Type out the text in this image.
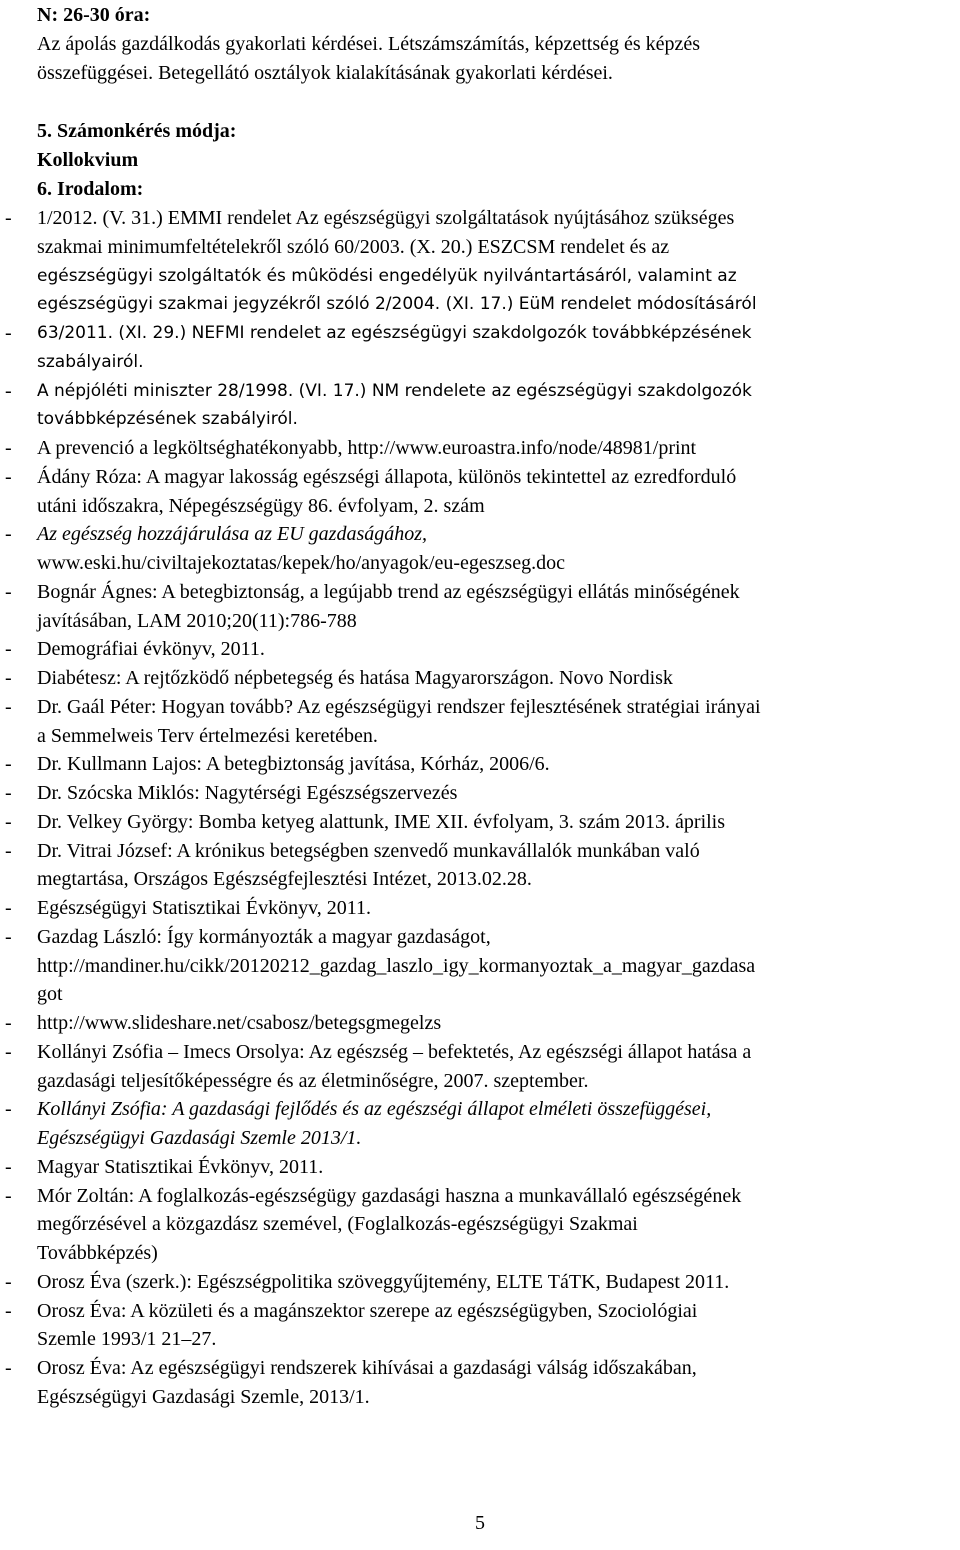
N: 26-30 óra:
Az ápolás gazdálkodás gyakorlati kérdései. Létszámszámítás, képzettség és képzés
összefüggései. Betegellátó osztályok kialakításának gyakorlati kérdései.
5. Számonkérés módja:
Kollokvium
6. Irodalom:
- 1/2012. (V. 31.) EMMI rendelet Az egészségügyi szolgáltatások nyújtásához szükséges
szakmai minimumfeltételekről szóló 60/2003. (X. 20.) ESZCSM rendelet és az
egészségügyi szolgáltatók és mûködési engedélyük nyilvántartásáról, valamint az
egészségügyi szakmai jegyzékről szóló 2/2004. (XI. 17.) EüM rendelet módosításáról
- 63/2011. (XI. 29.) NEFMI rendelet az egészségügyi szakdolgozók továbbképzésének
szabályairól.
- A népjóléti miniszter 28/1998. (VI. 17.) NM rendelete az egészségügyi szakdolgozók
továbbképzésének szabályiról.
- A prevenció a legköltséghatékonyabb, http://www.euroastra.info/node/48981/print
- Ádány Róza: A magyar lakosság egészségi állapota, különös tekintettel az ezredforduló
utáni időszakra, Népegészségügy 86. évfolyam, 2. szám
- Az egészség hozzájárulása az EU gazdaságához,
www.eski.hu/civiltajekoztatas/kepek/ho/anyagok/eu-egeszseg.doc
- Bognár Ágnes: A betegbiztonság, a legújabb trend az egészségügyi ellátás minőségének
javításában, LAM 2010;20(11):786-788
- Demográfiai évkönyv, 2011.
- Diabétesz: A rejtőzködő népbetegség és hatása Magyarországon. Novo Nordisk
- Dr. Gaál Péter: Hogyan tovább? Az egészségügyi rendszer fejlesztésének stratégiai irányai
a Semmelweis Terv értelmezési keretében.
- Dr. Kullmann Lajos: A betegbiztonság javítása, Kórház, 2006/6.
- Dr. Szócska Miklós: Nagytérségi Egészségszervezés
- Dr. Velkey György: Bomba ketyeg alattunk, IME XII. évfolyam, 3. szám 2013. április
- Dr. Vitrai József: A krónikus betegségben szenvedő munkavállalók munkában való
megtartása, Országos Egészségfejlesztési Intézet, 2013.02.28.
- Egészségügyi Statisztikai Évkönyv, 2011.
- Gazdag László: Így kormányozták a magyar gazdaságot,
http://mandiner.hu/cikk/20120212_gazdag_laszlo_igy_kormanyoztak_a_magyar_gazdasa
got
- http://www.slideshare.net/csabosz/betegsgmegelzs
- Kollányi Zsófia – Imecs Orsolya: Az egészség – befektetés, Az egészségi állapot hatása a
gazdasági teljesítőképességre és az életminőségre, 2007. szeptember.
- Kollányi Zsófia: A gazdasági fejlődés és az egészségi állapot elméleti összefüggései,
Egészségügyi Gazdasági Szemle 2013/1.
- Magyar Statisztikai Évkönyv, 2011.
- Mór Zoltán: A foglalkozás-egészségügy gazdasági haszna a munkavállaló egészségének
megőrzésével a közgazdász szemével, (Foglalkozás-egészségügyi Szakmai
Továbbképzés)
- Orosz Éva (szerk.): Egészségpolitika szöveggyűjtemény, ELTE TáTK, Budapest 2011.
- Orosz Éva: A közületi és a magánszektor szerepe az egészségügyben, Szociológiai
Szemle 1993/1 21–27.
- Orosz Éva: Az egészségügyi rendszerek kihívásai a gazdasági válság időszakában,
Egészségügyi Gazdasági Szemle, 2013/1.
5
